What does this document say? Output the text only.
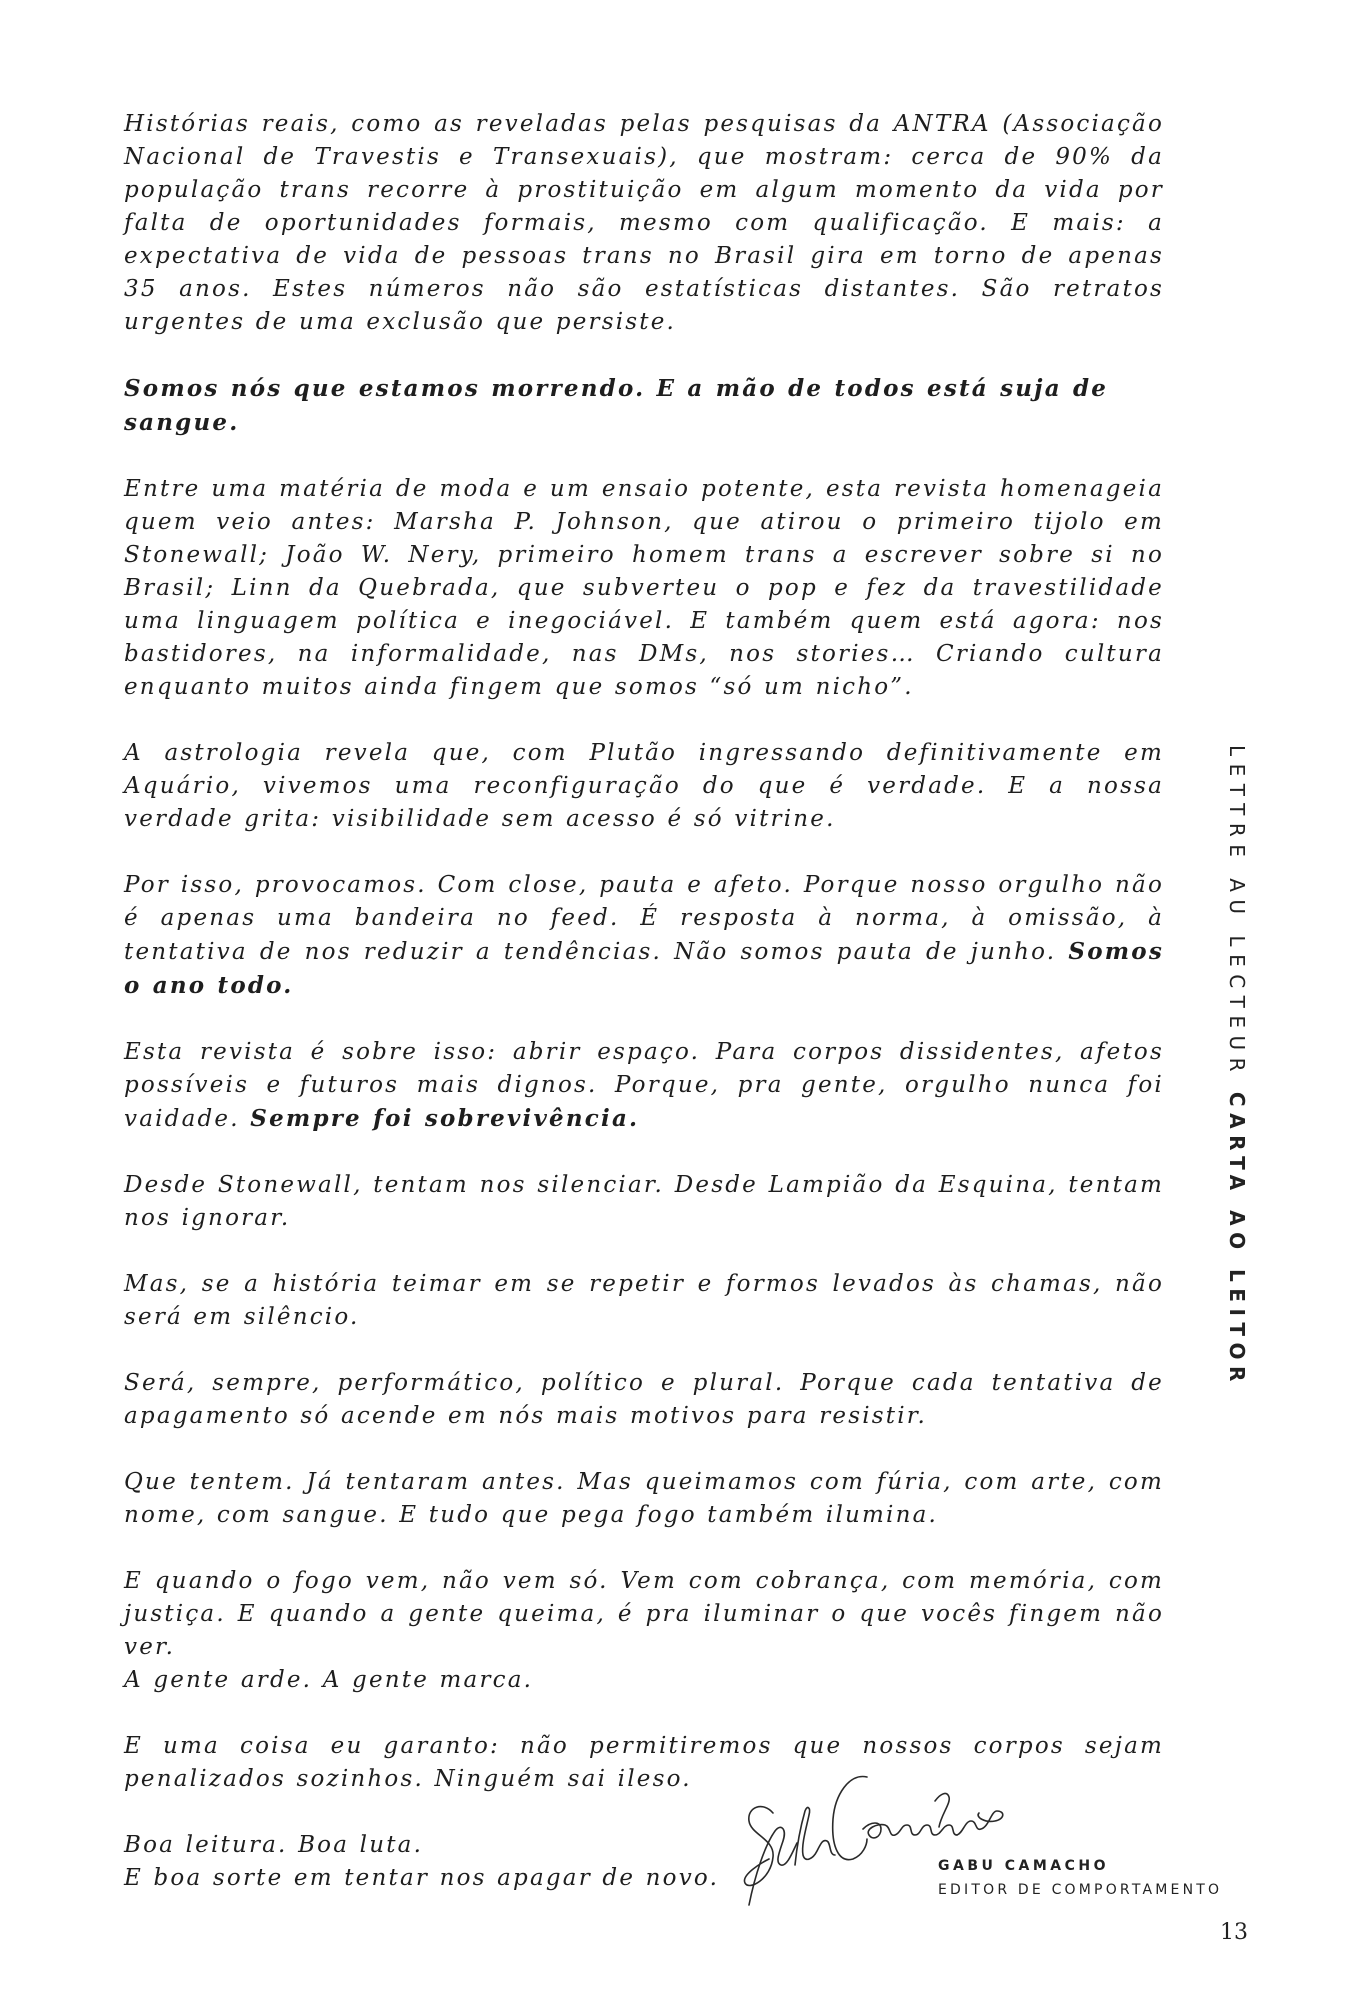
Histórias reais, como as reveladas pelas pesquisas da ANTRA (Associação Nacional de Travestis e Transexuais), que mostram: cerca de 90% da população trans recorre à prostituição em algum momento da vida por falta de oportunidades formais, mesmo com qualificação. E mais: a expectativa de vida de pessoas trans no Brasil gira em torno de apenas 35 anos. Estes números não são estatísticas distantes. São retratos urgentes de uma exclusão que persiste.

Somos nós que estamos morrendo. E a mão de todos está suja de sangue.

Entre uma matéria de moda e um ensaio potente, esta revista homenageia quem veio antes: Marsha P. Johnson, que atirou o primeiro tijolo em Stonewall; João W. Nery, primeiro homem trans a escrever sobre si no Brasil; Linn da Quebrada, que subverteu o pop e fez da travestilidade uma linguagem política e inegociável. E também quem está agora: nos bastidores, na informalidade, nas DMs, nos stories… Criando cultura enquanto muitos ainda fingem que somos “só um nicho”.

A astrologia revela que, com Plutão ingressando definitivamente em Aquário, vivemos uma reconfiguração do que é verdade. E a nossa verdade grita: visibilidade sem acesso é só vitrine.

Por isso, provocamos. Com close, pauta e afeto. Porque nosso orgulho não é apenas uma bandeira no feed. É resposta à norma, à omissão, à tentativa de nos reduzir a tendências. Não somos pauta de junho. Somos o ano todo.

Esta revista é sobre isso: abrir espaço. Para corpos dissidentes, afetos possíveis e futuros mais dignos. Porque, pra gente, orgulho nunca foi vaidade. Sempre foi sobrevivência.

Desde Stonewall, tentam nos silenciar. Desde Lampião da Esquina, tentam nos ignorar.

Mas, se a história teimar em se repetir e formos levados às chamas, não será em silêncio.

Será, sempre, performático, político e plural. Porque cada tentativa de apagamento só acende em nós mais motivos para resistir.

Que tentem. Já tentaram antes. Mas queimamos com fúria, com arte, com nome, com sangue. E tudo que pega fogo também ilumina.

E quando o fogo vem, não vem só. Vem com cobrança, com memória, com justiça. E quando a gente queima, é pra iluminar o que vocês fingem não ver.
A gente arde. A gente marca.

E uma coisa eu garanto: não permitiremos que nossos corpos sejam penalizados sozinhos. Ninguém sai ileso.

Boa leitura. Boa luta.
E boa sorte em tentar nos apagar de novo.

LETTRE AU LECTEUR CARTA AO LEITOR
GABU CAMACHO
EDITOR DE COMPORTAMENTO
13
